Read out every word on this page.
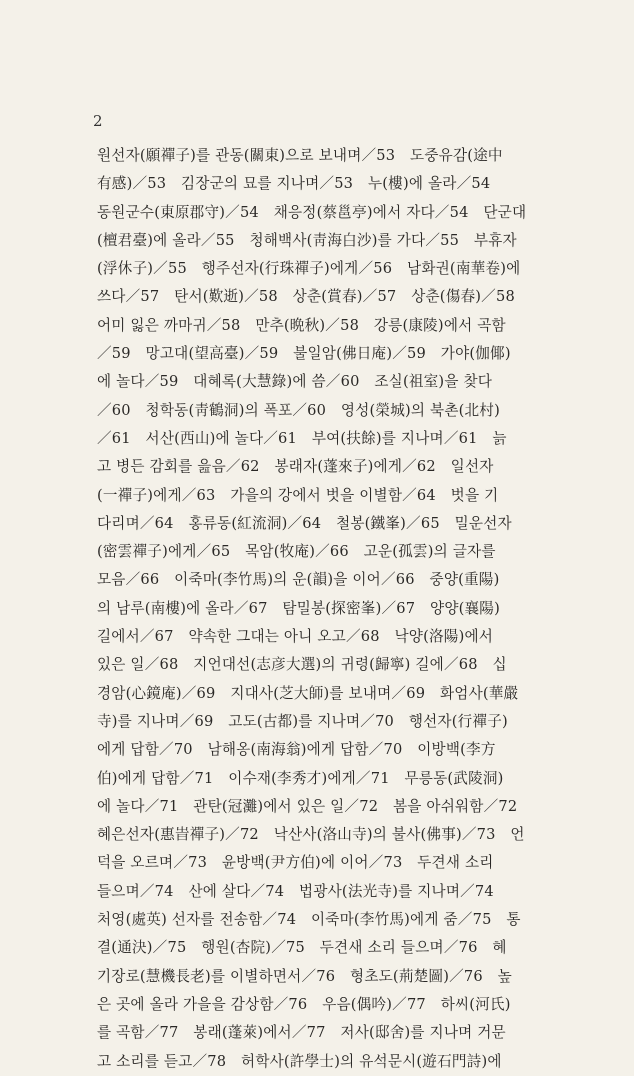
2
원선자(願禪子)를 관동(關東)으로 보내며／53　도중유감(途中
有感)／53　김장군의 묘를 지나며／53　누(樓)에 올라／54
동원군수(東原郡守)／54　채응정(蔡邕亭)에서 자다／54　단군대
(檀君臺)에 올라／55　청해백사(靑海白沙)를 가다／55　부휴자
(浮休子)／55　행주선자(行珠禪子)에게／56　남화권(南華卷)에
쓰다／57　탄서(歎逝)／58　상춘(賞春)／57　상춘(傷春)／58
어미 잃은 까마귀／58　만추(晩秋)／58　강릉(康陵)에서 곡함
／59　망고대(望高臺)／59　불일암(佛日庵)／59　가야(伽倻)
에 놀다／59　대혜록(大慧錄)에 씀／60　조실(祖室)을 찾다
／60　청학동(靑鶴洞)의 폭포／60　영성(榮城)의 북촌(北村)
／61　서산(西山)에 놀다／61　부여(扶餘)를 지나며／61　늙
고 병든 감회를 읊음／62　봉래자(蓬來子)에게／62　일선자
(一禪子)에게／63　가을의 강에서 벗을 이별함／64　벗을 기
다리며／64　홍류동(紅流洞)／64　철봉(鐵峯)／65　밀운선자
(密雲禪子)에게／65　목암(牧庵)／66　고운(孤雲)의 글자를
모음／66　이죽마(李竹馬)의 운(韻)을 이어／66　중양(重陽)
의 남루(南樓)에 올라／67　탐밀봉(探密峯)／67　양양(襄陽)
길에서／67　약속한 그대는 아니 오고／68　낙양(洛陽)에서
있은 일／68　지언대선(志彦大選)의 귀령(歸寧) 길에／68　십
경암(心鏡庵)／69　지대사(芝大師)를 보내며／69　화엄사(華嚴
寺)를 지나며／69　고도(古都)를 지나며／70　행선자(行禪子)
에게 답함／70　남해옹(南海翁)에게 답함／70　이방백(李方
伯)에게 답함／71　이수재(李秀才)에게／71　무릉동(武陵洞)
에 놀다／71　관탄(冠灘)에서 있은 일／72　봄을 아쉬워함／72
혜은선자(惠旹禪子)／72　낙산사(洛山寺)의 불사(佛事)／73　언
덕을 오르며／73　윤방백(尹方伯)에 이어／73　두견새 소리
들으며／74　산에 살다／74　법광사(法光寺)를 지나며／74
처영(處英) 선자를 전송함／74　이죽마(李竹馬)에게 줌／75　통
결(通決)／75　행원(杏院)／75　두견새 소리 들으며／76　혜
기장로(慧機長老)를 이별하면서／76　형초도(荊楚圖)／76　높
은 곳에 올라 가을을 감상함／76　우음(偶吟)／77　하씨(河氏)
를 곡함／77　봉래(蓬萊)에서／77　저사(邸舍)를 지나며 거문
고 소리를 듣고／78　허학사(許學士)의 유석문시(遊石門詩)에
